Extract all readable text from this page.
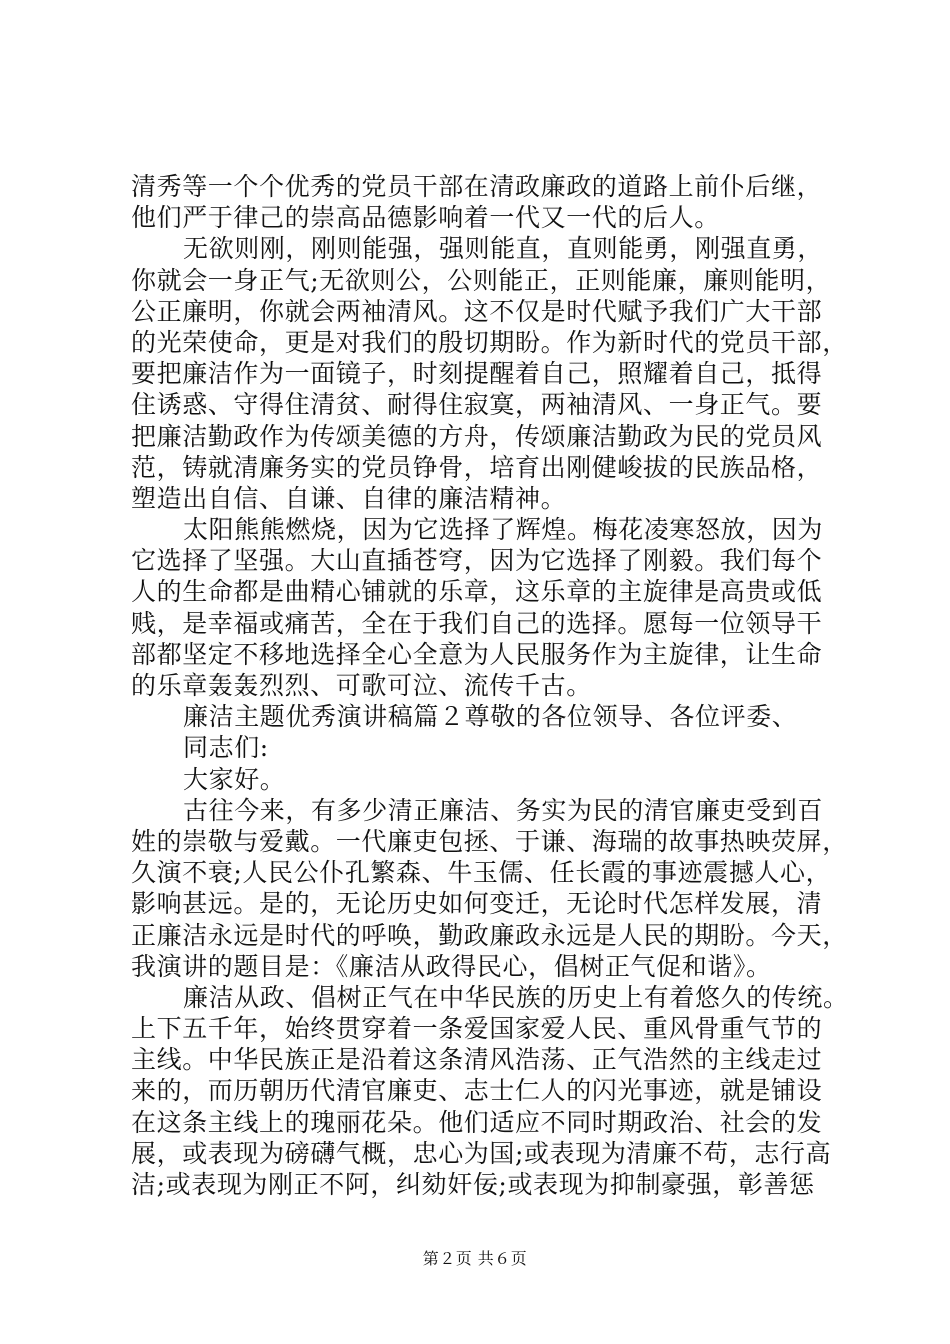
清秀等一个个优秀的党员干部在清政廉政的道路上前仆后继，
他们严于律己的崇高品德影响着一代又一代的后人。
无欲则刚，刚则能强，强则能直，直则能勇，刚强直勇，
你就会一身正气;无欲则公，公则能正，正则能廉，廉则能明，
公正廉明，你就会两袖清风。这不仅是时代赋予我们广大干部
的光荣使命，更是对我们的殷切期盼。作为新时代的党员干部，
要把廉洁作为一面镜子，时刻提醒着自己，照耀着自己，抵得
住诱惑、守得住清贫、耐得住寂寞，两袖清风、一身正气。要
把廉洁勤政作为传颂美德的方舟，传颂廉洁勤政为民的党员风
范，铸就清廉务实的党员铮骨，培育出刚健峻拔的民族品格，
塑造出自信、自谦、自律的廉洁精神。
太阳熊熊燃烧，因为它选择了辉煌。梅花凌寒怒放，因为
它选择了坚强。大山直插苍穹，因为它选择了刚毅。我们每个
人的生命都是曲精心铺就的乐章，这乐章的主旋律是高贵或低
贱，是幸福或痛苦，全在于我们自己的选择。愿每一位领导干
部都坚定不移地选择全心全意为人民服务作为主旋律，让生命
的乐章轰轰烈烈、可歌可泣、流传千古。
廉洁主题优秀演讲稿篇２尊敬的各位领导、各位评委、
同志们:
大家好。
古往今来，有多少清正廉洁、务实为民的清官廉吏受到百
姓的崇敬与爱戴。一代廉吏包拯、于谦、海瑞的故事热映荧屏，
久演不衰;人民公仆孔繁森、牛玉儒、任长霞的事迹震撼人心，
影响甚远。是的，无论历史如何变迁，无论时代怎样发展，清
正廉洁永远是时代的呼唤，勤政廉政永远是人民的期盼。今天，
我演讲的题目是：《廉洁从政得民心，倡树正气促和谐》。
廉洁从政、倡树正气在中华民族的历史上有着悠久的传统。
上下五千年，始终贯穿着一条爱国家爱人民、重风骨重气节的
主线。中华民族正是沿着这条清风浩荡、正气浩然的主线走过
来的，而历朝历代清官廉吏、志士仁人的闪光事迹，就是铺设
在这条主线上的瑰丽花朵。他们适应不同时期政治、社会的发
展，或表现为磅礴气概，忠心为国;或表现为清廉不苟，志行高
洁;或表现为刚正不阿，纠劾奸佞;或表现为抑制豪强，彰善惩
第２页 共６页
